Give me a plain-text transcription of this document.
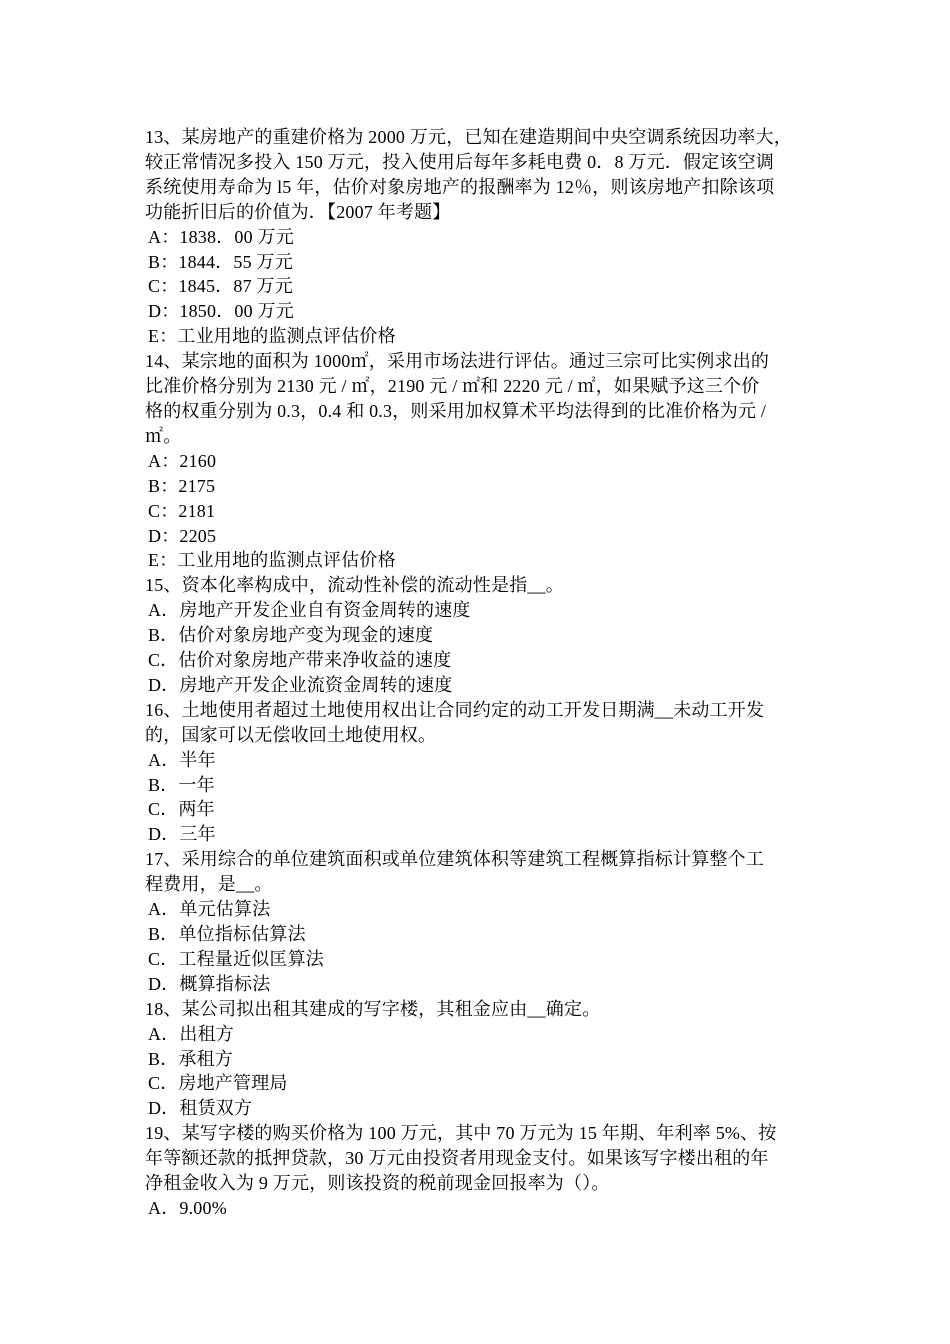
13、某房地产的重建价格为 2000 万元，已知在建造期间中央空调系统因功率大，
较正常情况多投入 150 万元，投入使用后每年多耗电费 0．8 万元．假定该空调
系统使用寿命为 l5 年，估价对象房地产的报酬率为 12％，则该房地产扣除该项
功能折旧后的价值为．【2007 年考题】
A：1838．00 万元
B：1844．55 万元
C：1845．87 万元
D：1850．00 万元
E：工业用地的监测点评估价格
14、某宗地的面积为 1000㎡，采用市场法进行评估。通过三宗可比实例求出的
比准价格分别为 2130 元 / ㎡，2190 元 / ㎡和 2220 元 / ㎡，如果赋予这三个价
格的权重分别为 0.3，0.4 和 0.3，则采用加权算术平均法得到的比准价格为元 /
㎡。
A：2160
B：2175
C：2181
D：2205
E：工业用地的监测点评估价格
15、资本化率构成中，流动性补偿的流动性是指__。
A．房地产开发企业自有资金周转的速度
B．估价对象房地产变为现金的速度
C．估价对象房地产带来净收益的速度
D．房地产开发企业流资金周转的速度
16、土地使用者超过土地使用权出让合同约定的动工开发日期满__未动工开发
的，国家可以无偿收回土地使用权。
A．半年
B．一年
C．两年
D．三年
17、采用综合的单位建筑面积或单位建筑体积等建筑工程概算指标计算整个工
程费用，是__。
A．单元估算法
B．单位指标估算法
C．工程量近似匡算法
D．概算指标法
18、某公司拟出租其建成的写字楼，其租金应由__确定。
A．出租方
B．承租方
C．房地产管理局
D．租赁双方
19、某写字楼的购买价格为 100 万元，其中 70 万元为 15 年期、年利率 5%、按
年等额还款的抵押贷款，30 万元由投资者用现金支付。如果该写字楼出租的年
净租金收入为 9 万元，则该投资的税前现金回报率为（）。
A．9.00%
